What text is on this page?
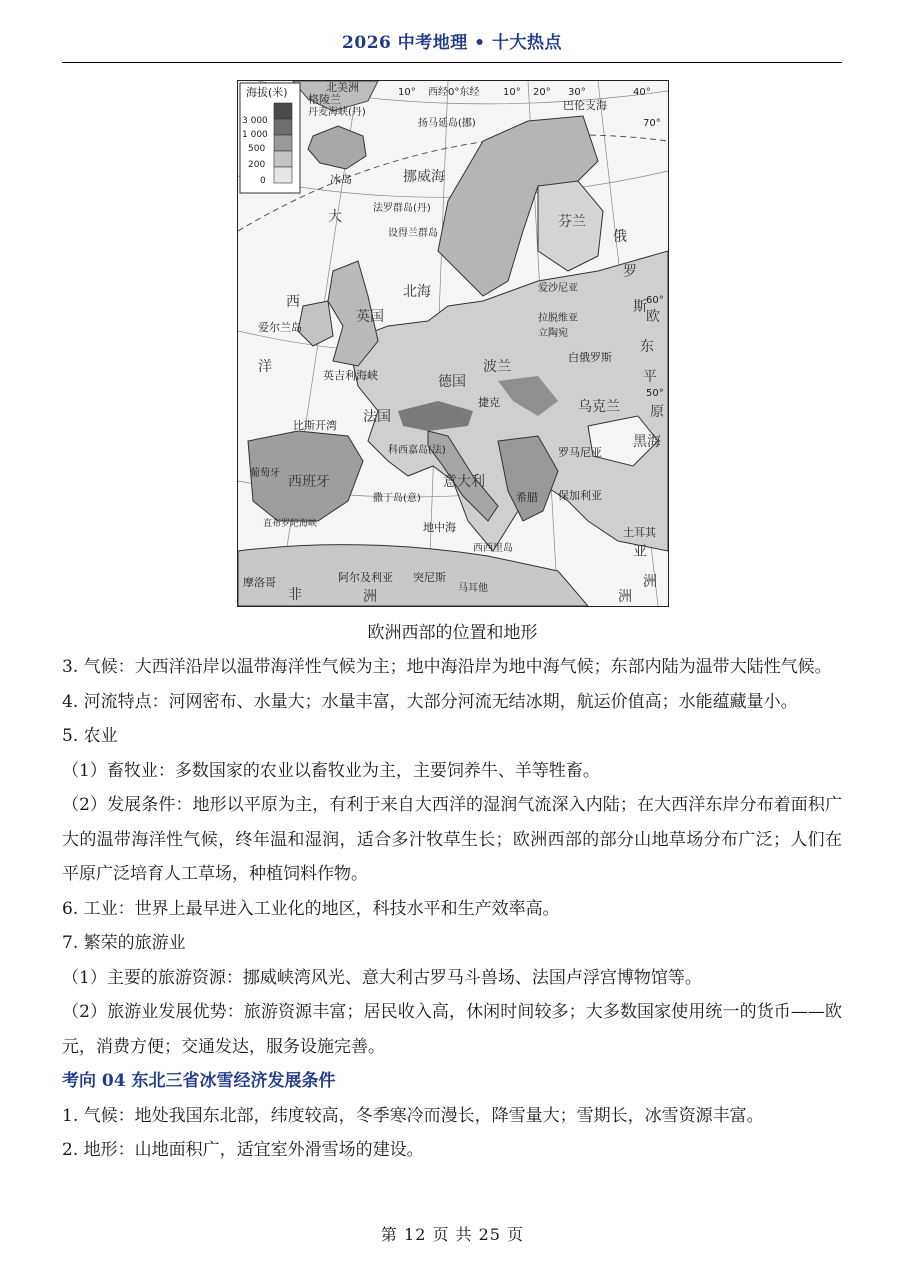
2026 中考地理 • 十大热点
海拔(米)
3 000
1 000
500
200
0
北美洲
格陵兰
丹麦海峡(丹)
西经0°东经
10°	10° 20° 30°	40°
70°
60°
50°
巴伦支海
扬马延岛(挪)
挪威海
冰岛
法罗群岛(丹)
设得兰群岛
芬兰
俄
罗
斯
大
西
洋
北海
爱尔兰岛
英国
英吉利海峡
比斯开湾
爱沙尼亚
拉脱维亚
立陶宛
白俄罗斯
波兰
德国
法国
捷克	乌克兰
罗马尼亚
保加利亚
黑海
土耳其
西班牙
葡萄牙
意大利
希腊
科西嘉岛(法)
撒丁岛(意)
西西里岛
马耳他
摩洛哥	阿尔及利亚 突尼斯
非	洲
东
欧
平
原
地中海
亚
洲
直布罗陀海峡
洲
欧洲西部的位置和地形

3. 气候：大西洋沿岸以温带海洋性气候为主；地中海沿岸为地中海气候；东部内陆为温带大陆性气候。

4. 河流特点：河网密布、水量大；水量丰富，大部分河流无结冰期，航运价值高；水能蕴藏量小。

5. 农业

（1）畜牧业：多数国家的农业以畜牧业为主，主要饲养牛、羊等牲畜。

（2）发展条件：地形以平原为主，有利于来自大西洋的湿润气流深入内陆；在大西洋东岸分布着面积广大的温带海洋性气候，终年温和湿润，适合多汁牧草生长；欧洲西部的部分山地草场分布广泛；人们在平原广泛培育人工草场，种植饲料作物。

6. 工业：世界上最早进入工业化的地区，科技水平和生产效率高。

7. 繁荣的旅游业

（1）主要的旅游资源：挪威峡湾风光、意大利古罗马斗兽场、法国卢浮宫博物馆等。

（2）旅游业发展优势：旅游资源丰富；居民收入高，休闲时间较多；大多数国家使用统一的货币——欧元，消费方便；交通发达，服务设施完善。

考向 04 东北三省冰雪经济发展条件

1. 气候：地处我国东北部，纬度较高，冬季寒冷而漫长，降雪量大；雪期长，冰雪资源丰富。

2. 地形：山地面积广，适宜室外滑雪场的建设。

第 12 页 共 25 页
